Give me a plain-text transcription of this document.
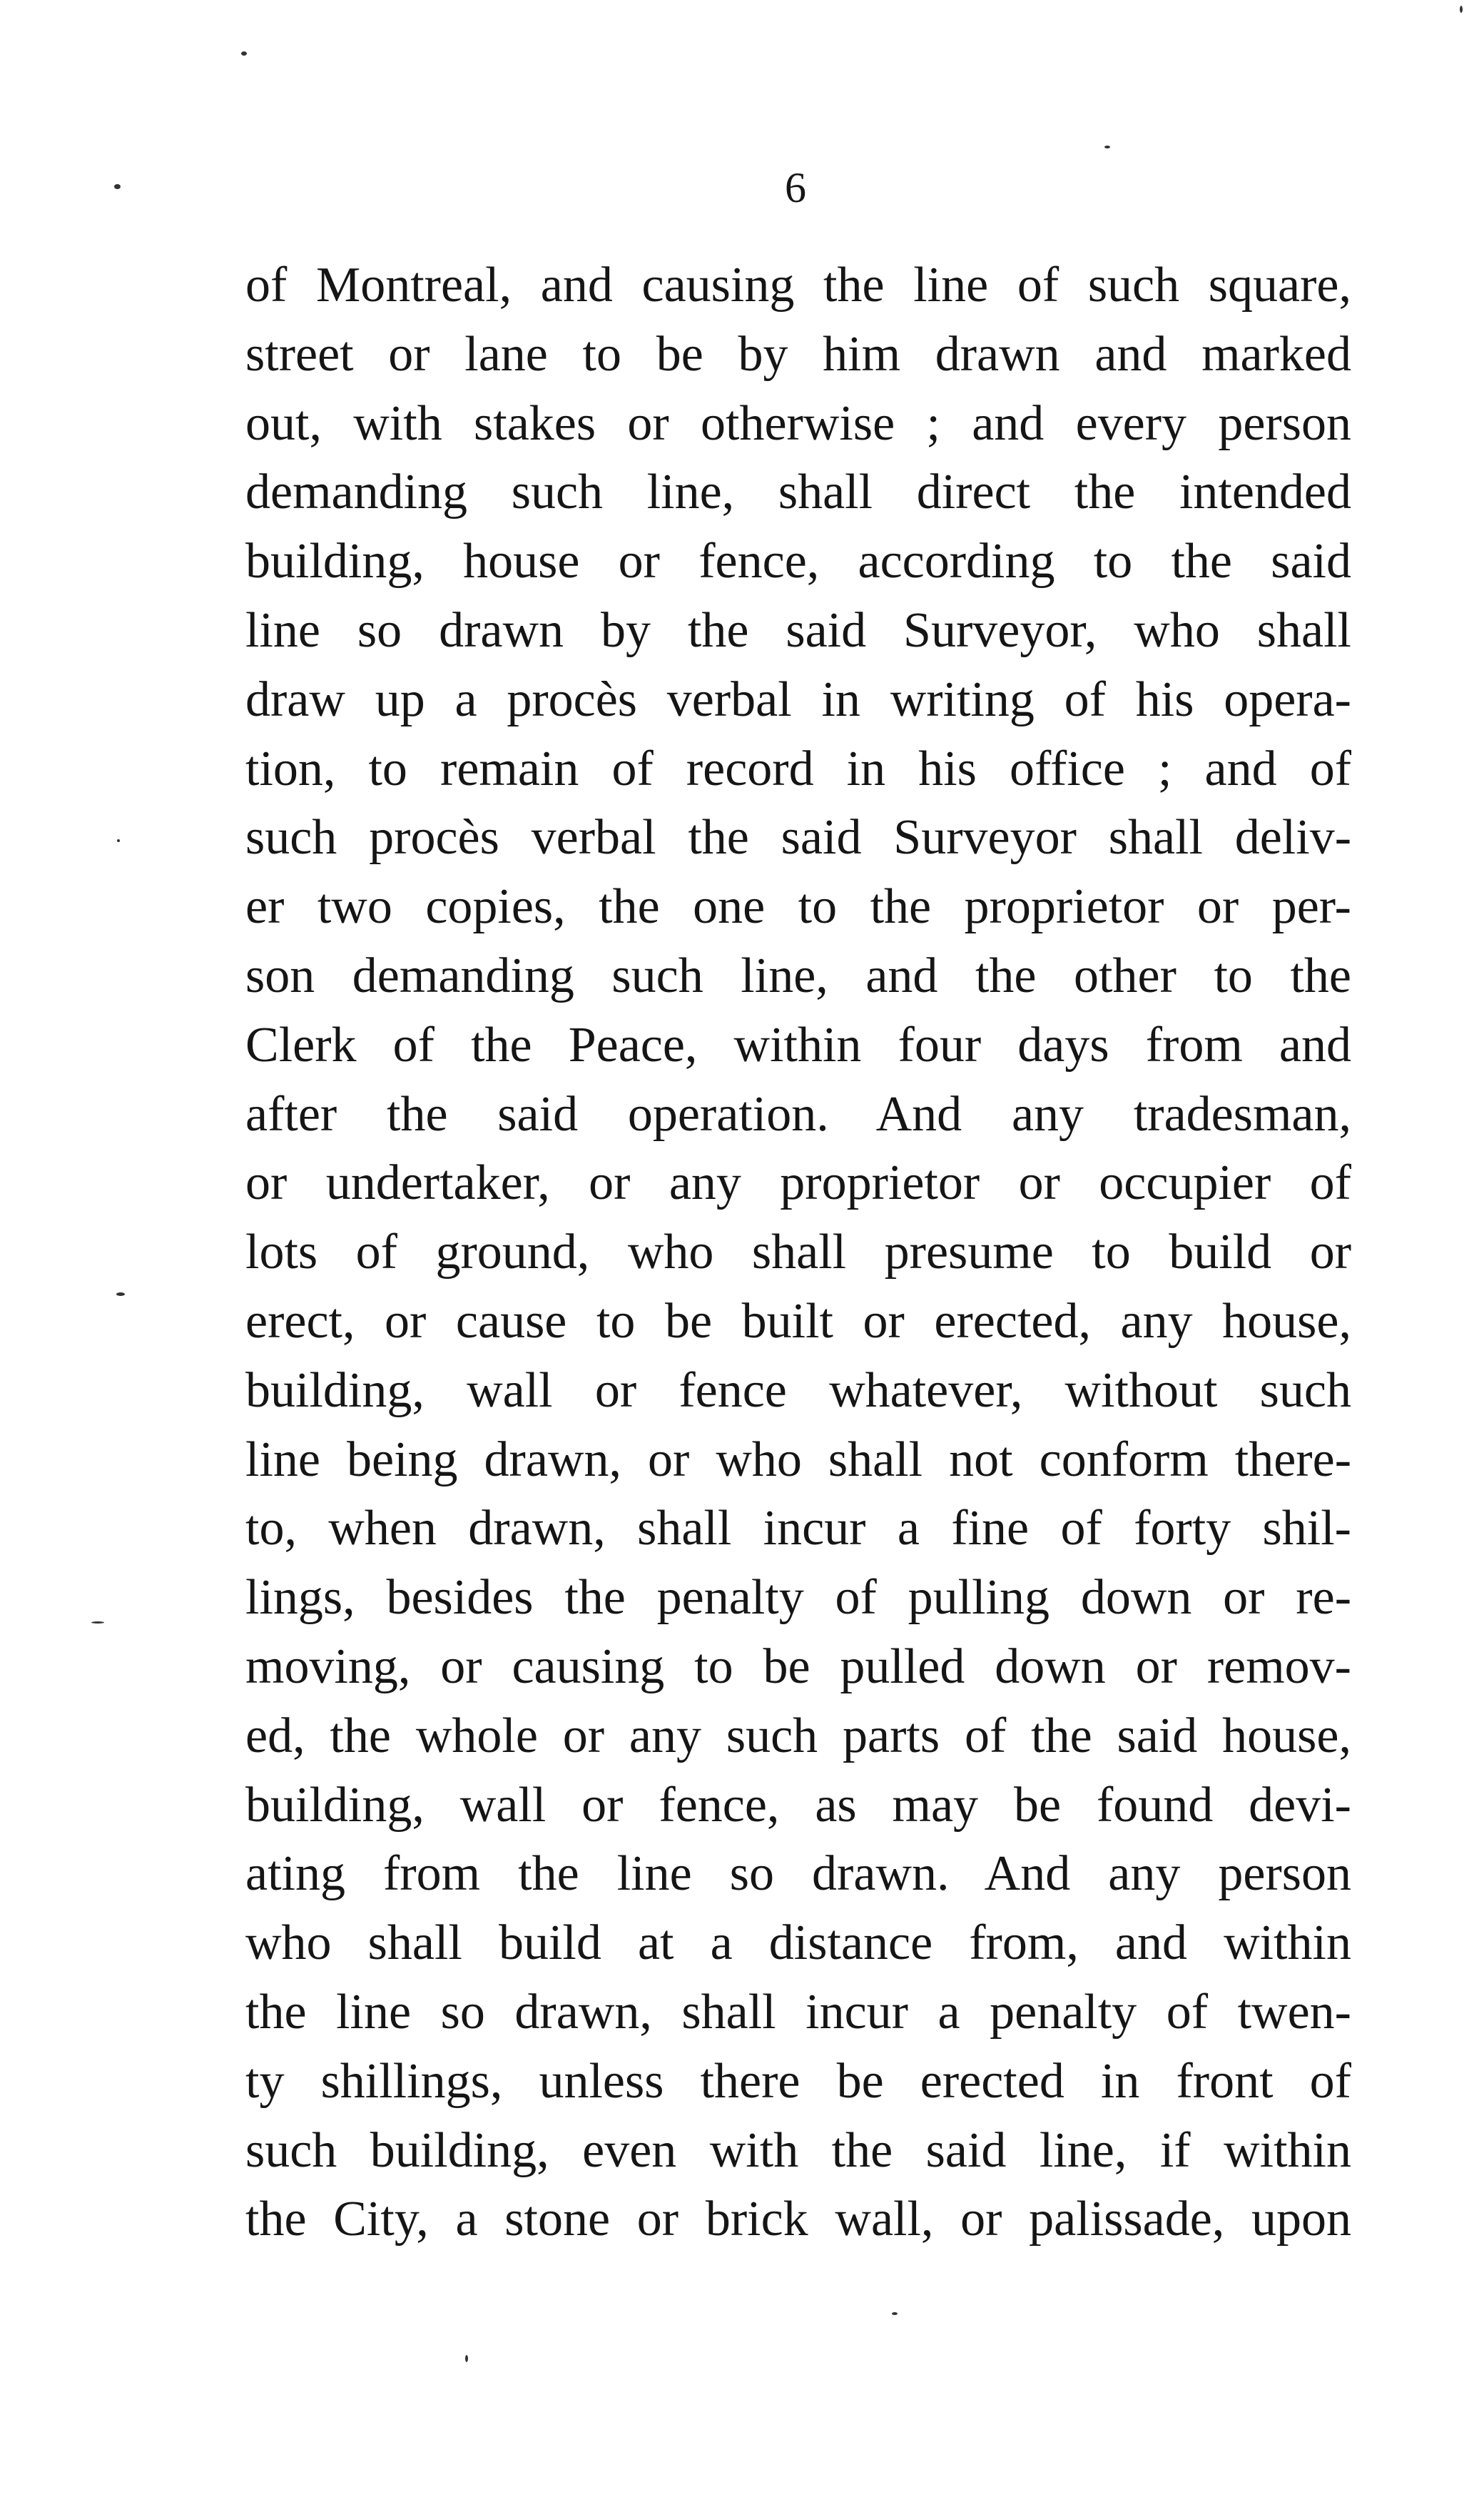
6
of Montreal, and causing the line of such square,
street or lane to be by him drawn and marked
out, with stakes or otherwise ; and every person
demanding such line, shall direct the intended
building, house or fence, according to the said
line so drawn by the said Surveyor, who shall
draw up a procès verbal in writing of his opera-
tion, to remain of record in his office ; and of
such procès verbal the said Surveyor shall deliv-
er two copies, the one to the proprietor or per-
son demanding such line, and the other to the
Clerk of the Peace, within four days from and
after the said operation. And any tradesman,
or undertaker, or any proprietor or occupier of
lots of ground, who shall presume to build or
erect, or cause to be built or erected, any house,
building, wall or fence whatever, without such
line being drawn, or who shall not conform there-
to, when drawn, shall incur a fine of forty shil-
lings, besides the penalty of pulling down or re-
moving, or causing to be pulled down or remov-
ed, the whole or any such parts of the said house,
building, wall or fence, as may be found devi-
ating from the line so drawn. And any person
who shall build at a distance from, and within
the line so drawn, shall incur a penalty of twen-
ty shillings, unless there be erected in front of
such building, even with the said line, if within
the City, a stone or brick wall, or palissade, upon
